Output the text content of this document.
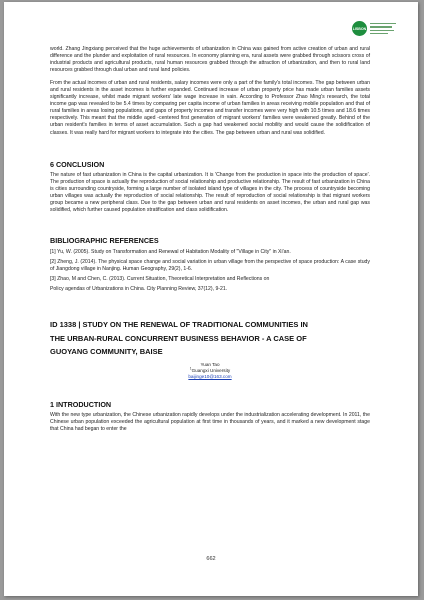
LISBON

world. Zhang Jingxiang perceived that the huge achievements of urbanization in China was gained from active creation of urban and rural difference and the plunder and exploitation of rural resources. In economy planning era, rural assets were grabbed through scissors cross of industrial products and agricultural products, rural human resources grabbed through the attraction of urbanization, and then to rural land resources grabbed through dual urban and rural land policies.

From the actual incomes of urban and rural residents, salary incomes were only a part of the family's total incomes. The gap between urban and rural residents in the asset incomes is further expanded. Continued increase of urban property price has made urban families assets significantly increase, whilst made migrant workers' late wage increase in vain. According to Professor Zhao Ming's research, the total income gap was revealed to be 5.4 times by comparing per capita income of urban families in areas receiving mobile population and that of rural families in areas losing populations, and gaps of property incomes and transfer incomes were very high with 10.5 times and 18.6 times respectively. This meant that the middle aged -centered first generation of migrant workers' families were weakened greatly. Behind of the urban resident's families in terms of asset accumulation. Such a gap had weakened social mobility and would cause the solidification of classes. It was really hard for migrant workers to integrate into the cities. The gap between urban and rural was solidified.

6 CONCLUSION

The nature of fast urbanization in China is the capital urbanization. It is 'Change from the production in space into the production of space'. The production of space is actually the reproduction of social relationship and productive relationship. The result of fast urbanization in China is cities surrounding countryside, forming a large number of isolated island type of villages in the city. The process of countryside becoming urban villages was actually the reproduction of social relationship. The result of reproduction of social relationship is that migrant workers group became a new peripheral class. Due to the gap between urban and rural residents on asset incomes, the urban and rural gap was solidified, which further caused population stratification and class solidification.

BIBLIOGRAPHIC REFERENCES

[1] Yu, W. (2005). Study on Transformation and Renewal of Habitation Modality of "Village in City" in Xi'an.

[2] Zheng, J. (2014). The physical space change and social variation in urban village from the perspective of space production: A case study of Jiangdong village in Nanjing. Human Geography, 29(2), 1-6.

[3] Zhao, M and Chen, C. (2013). Current Situation, Theoretical Interpretation and Reflections on

Policy agendas of Urbanizations in China. City Planning Review, 37(12), 9-21.

ID 1338 | STUDY ON THE RENEWAL OF TRADITIONAL COMMUNITIES IN

THE URBAN-RURAL CONCURRENT BUSINESS BEHAVIOR - A CASE OF

GUOYANG COMMUNITY, BAISE

Yuan Tao
$^1$Guangxi University
baijinge10@163.com
1 INTRODUCTION

With the new type urbanization, the Chinese urbanization rapidly develops under the industrialization accelerating development. In 2011, the Chinese urban population exceeded the agricultural population at first time in thousands of years, and it marked a new development stage that China had began to enter the

662
